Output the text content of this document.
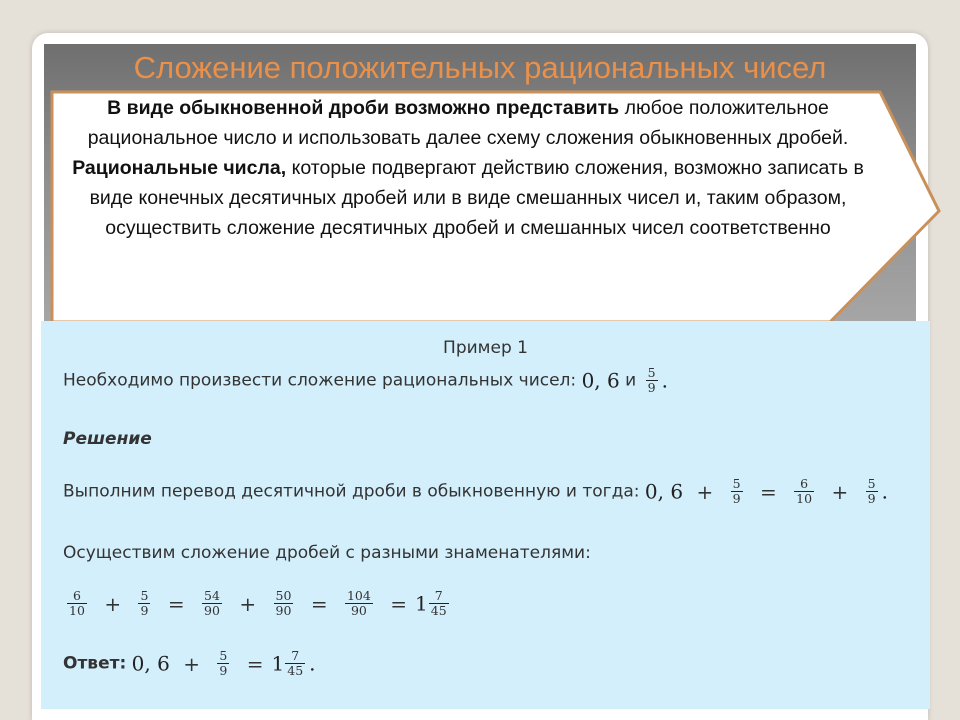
Сложение положительных рациональных чисел

В виде обыкновенной дроби возможно представить любое положительное рациональное число и использовать далее схему сложения обыкновенных дробей.

Рациональные числа, которые подвергают действию сложения, возможно записать в виде конечных десятичных дробей или в виде смешанных чисел и, таким образом, осуществить сложение десятичных дробей и смешанных чисел соответственно

Пример 1
Необходимо произвести сложение рациональных чисел: 0, 6 и $\frac{5}{9}$ .
Решение
Выполним перевод десятичной дроби в обыкновенную и тогда: 0, $6 + \frac{5}{9} = \frac{6}{10} + \frac{5}{9}$ .
Осуществим сложение дробей с разными знаменателями:
$\frac{6}{10} + \frac{5}{9} = \frac{54}{90} + \frac{50}{90} = \frac{104}{90} = 1 \frac{7}{45}$
Ответ: 0, $6 + \frac{5}{9} = 1 \frac{7}{45}$ .
